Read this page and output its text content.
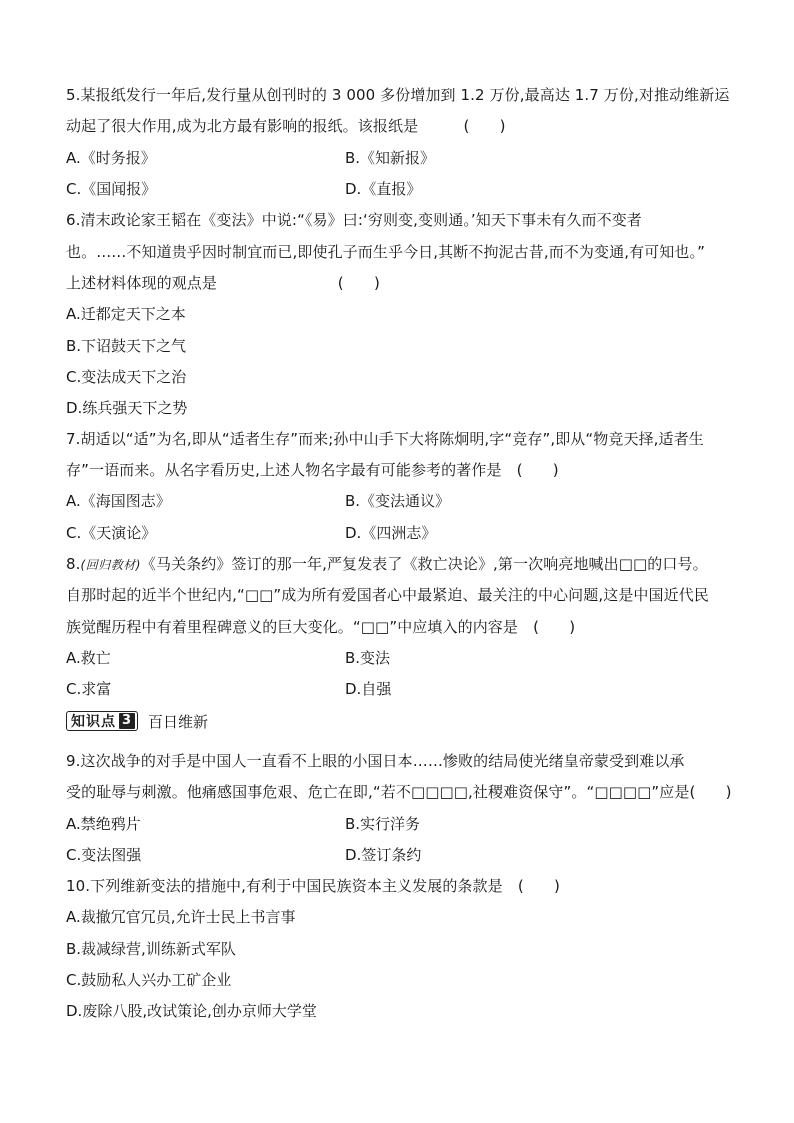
5.某报纸发行一年后,发行量从创刊时的 3 000 多份增加到 1.2 万份,最高达 1.7 万份,对推动维新运
动起了很大作用,成为北方最有影响的报纸。该报纸是　　　(　　)
A.《时务报》	B.《知新报》
C.《国闻报》	D.《直报》
6.清末政论家王韬在《变法》中说:“《易》曰:‘穷则变,变则通。’知天下事未有久而不变者
也。……不知道贵乎因时制宜而已,即使孔子而生乎今日,其断不拘泥古昔,而不为变通,有可知也。”
上述材料体现的观点是　　　　　　　　(　　)
A.迁都定天下之本
B.下诏鼓天下之气
C.变法成天下之治
D.练兵强天下之势
7.胡适以“适”为名,即从“适者生存”而来;孙中山手下大将陈炯明,字“竞存”,即从“物竞天择,适者生
存”一语而来。从名字看历史,上述人物名字最有可能参考的著作是　(　　)
A.《海国图志》	B.《变法通议》
C.《天演论》	D.《四洲志》
8.(回归教材)《马关条约》签订的那一年,严复发表了《救亡决论》,第一次响亮地喊出□□的口号。
自那时起的近半个世纪内,“□□”成为所有爱国者心中最紧迫、最关注的中心问题,这是中国近代民
族觉醒历程中有着里程碑意义的巨大变化。“□□”中应填入的内容是　(　　)
A.救亡	B.变法
C.求富	D.自强
知识点 3 百日维新
9.这次战争的对手是中国人一直看不上眼的小国日本……惨败的结局使光绪皇帝蒙受到难以承
受的耻辱与刺激。他痛感国事危艰、危亡在即,“若不□□□□,社稷难资保守”。“□□□□”应是(　　)
A.禁绝鸦片	B.实行洋务
C.变法图强	D.签订条约
10.下列维新变法的措施中,有利于中国民族资本主义发展的条款是　(　　)
A.裁撤冗官冗员,允许士民上书言事
B.裁减绿营,训练新式军队
C.鼓励私人兴办工矿企业
D.废除八股,改试策论,创办京师大学堂
